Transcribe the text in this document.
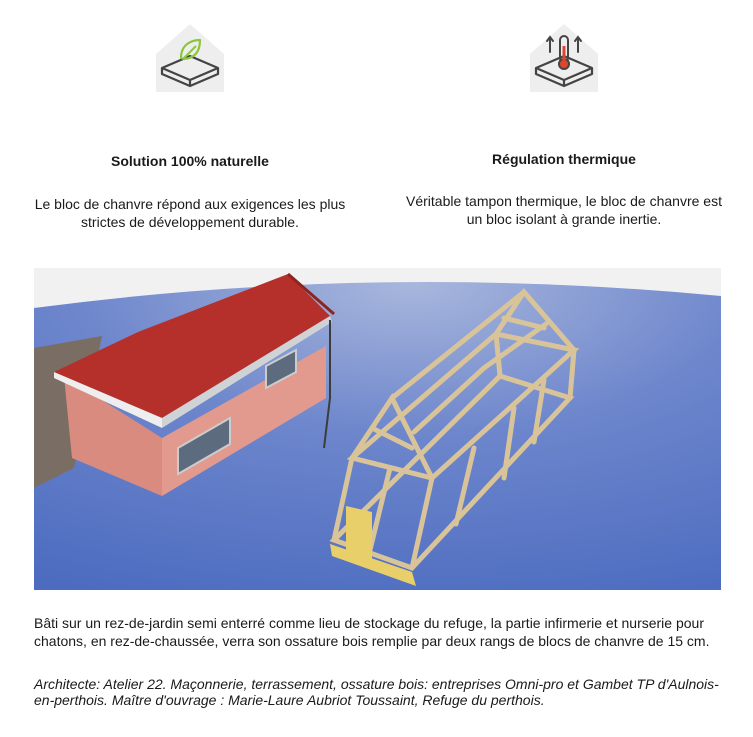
Solution 100% naturelle

Le bloc de chanvre répond aux exigences les plus strictes de développement durable.

Régulation thermique

Véritable tampon thermique, le bloc de chanvre est un bloc isolant à grande inertie.

Bâti sur un rez-de-jardin semi enterré comme lieu de stockage du refuge, la partie infirmerie et nurserie pour chatons, en rez-de-chaussée, verra son ossature bois remplie par deux rangs de blocs de chanvre de 15 cm.

Architecte: Atelier 22. Maçonnerie, terrassement, ossature bois: entreprises Omni-pro et Gambet TP d'Aulnois-en-perthois. Maître d'ouvrage : Marie-Laure Aubriot Toussaint, Refuge du perthois.
